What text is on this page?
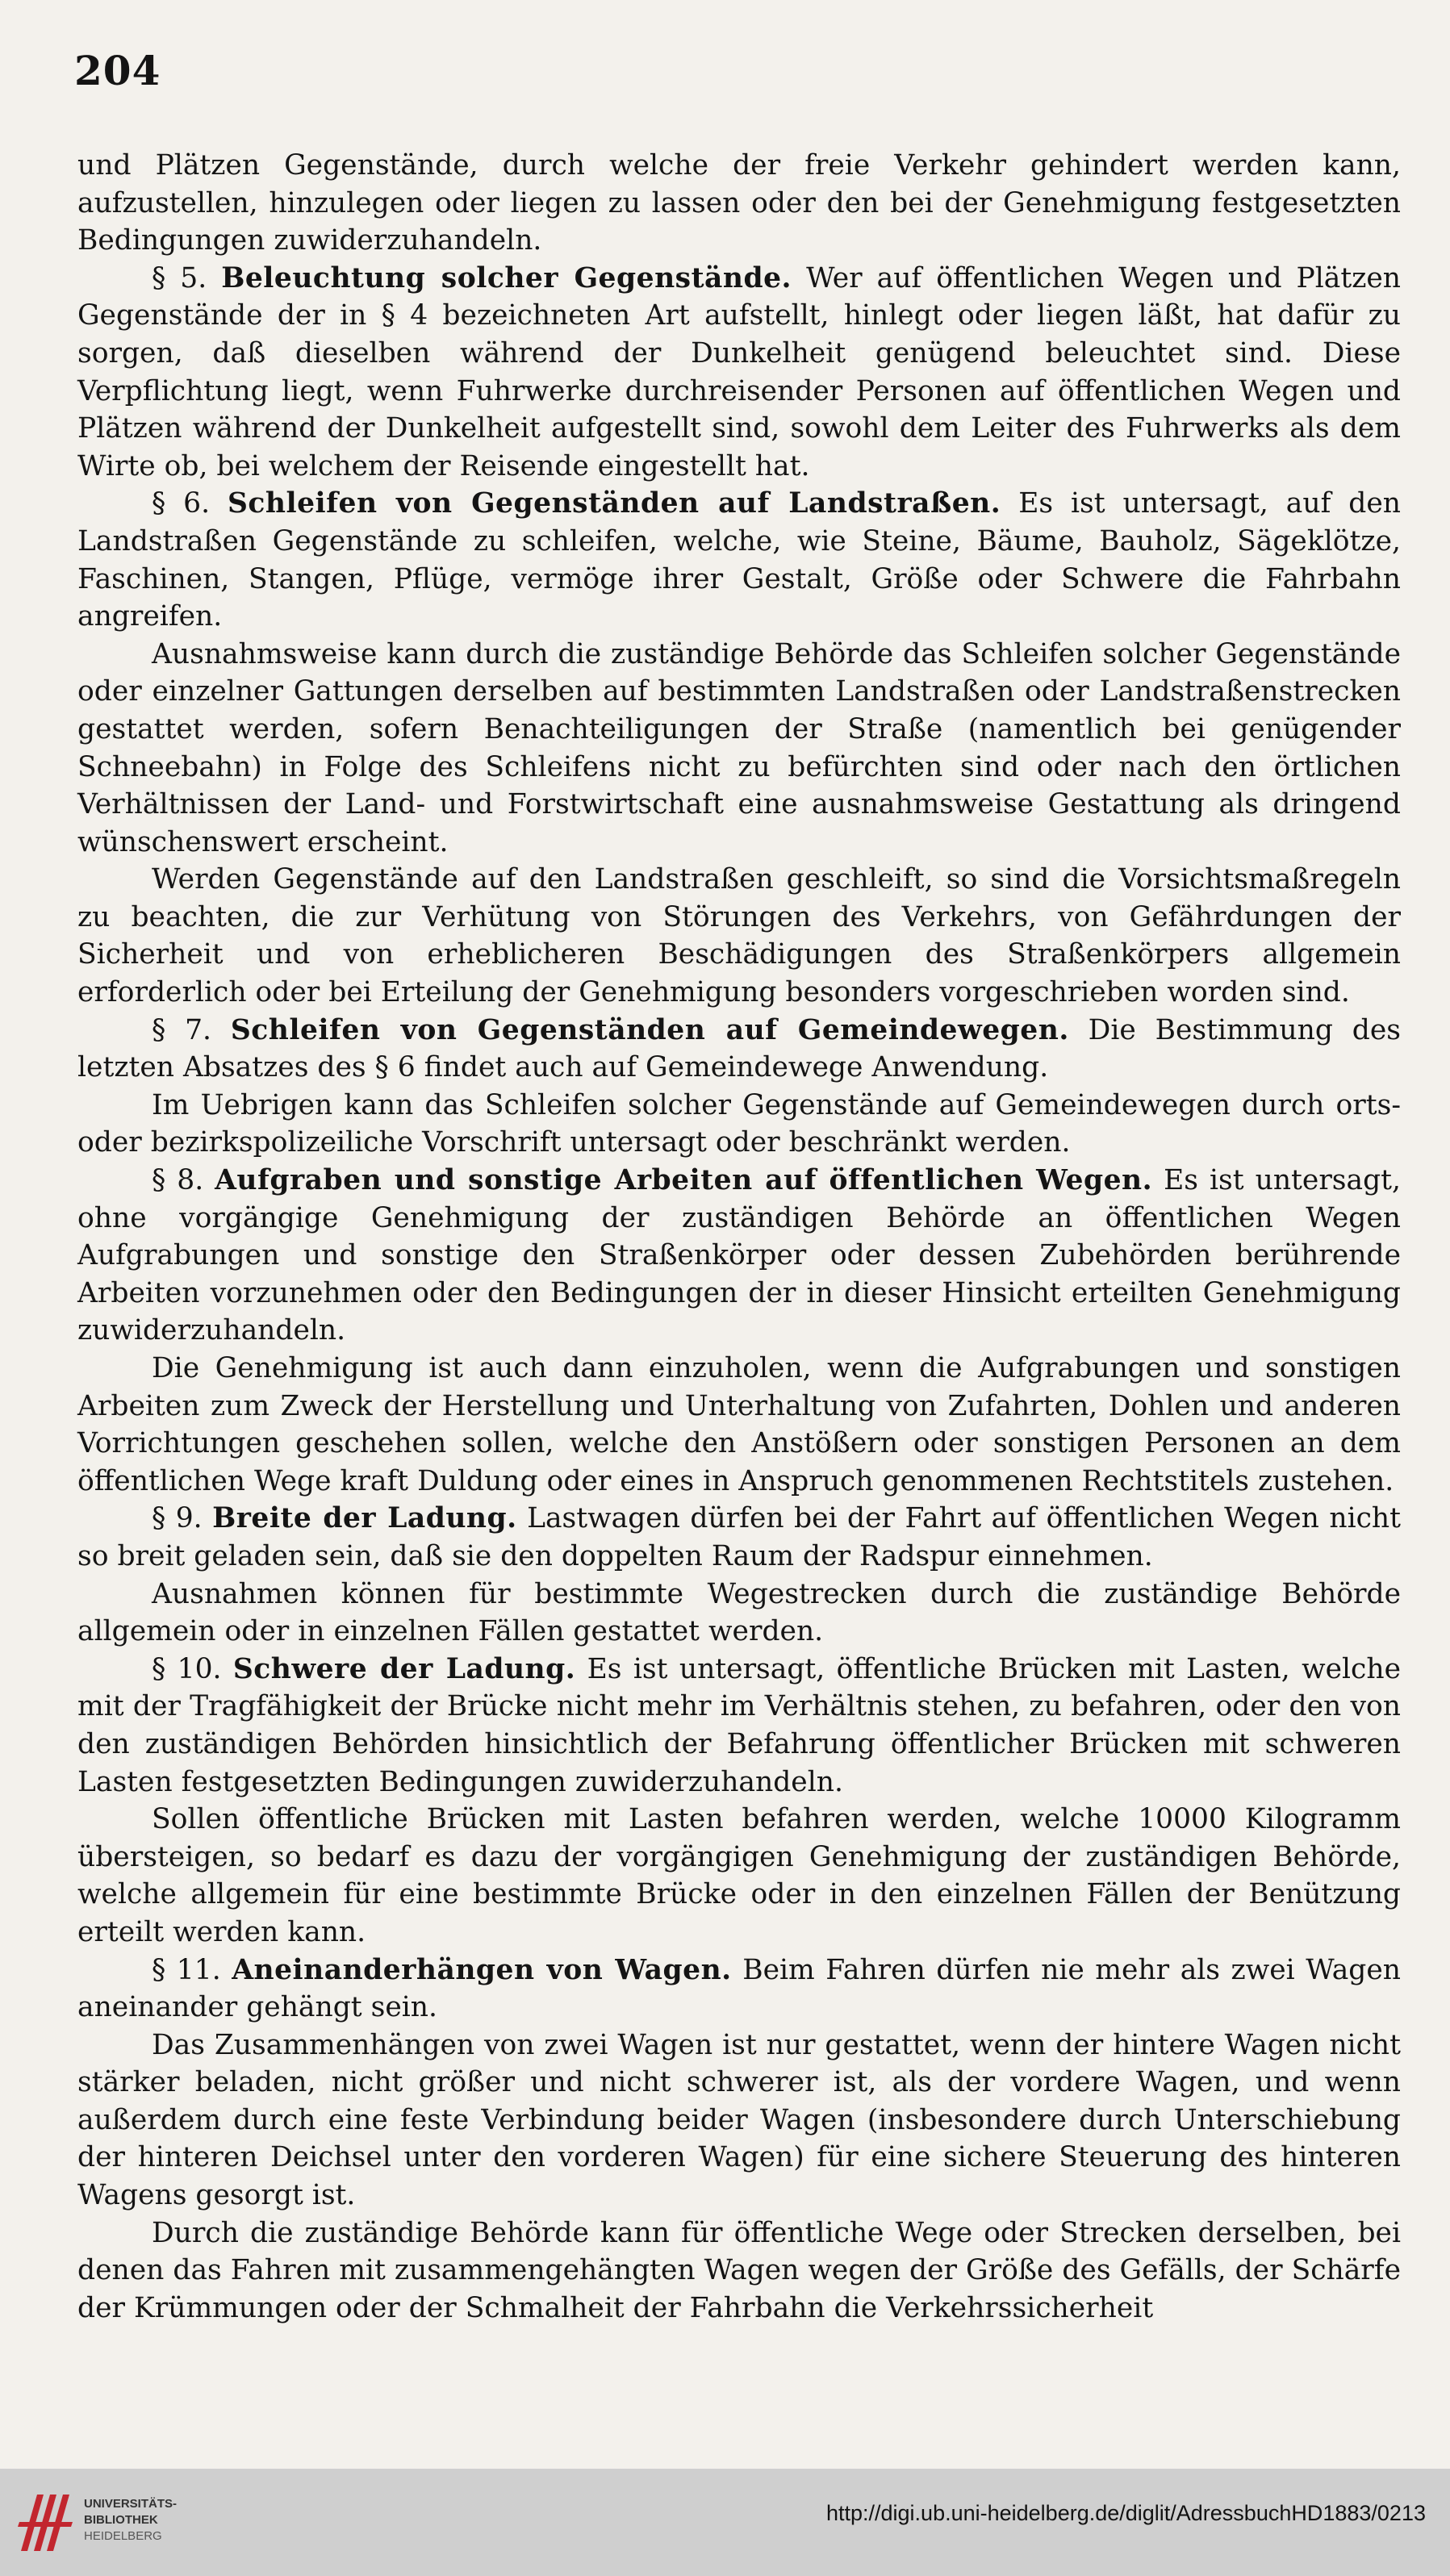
204

und Plätzen Gegenstände, durch welche der freie Verkehr gehindert werden kann, aufzustellen, hinzulegen oder liegen zu lassen oder den bei der Genehmigung festgesetzten Bedingungen zuwiderzuhandeln.

§ 5. Beleuchtung solcher Gegenstände. Wer auf öffentlichen Wegen und Plätzen Gegenstände der in § 4 bezeichneten Art aufstellt, hinlegt oder liegen läßt, hat dafür zu sorgen, daß dieselben während der Dunkelheit genügend beleuchtet sind. Diese Verpflichtung liegt, wenn Fuhrwerke durchreisender Personen auf öffentlichen Wegen und Plätzen während der Dunkelheit aufgestellt sind, sowohl dem Leiter des Fuhrwerks als dem Wirte ob, bei welchem der Reisende eingestellt hat.

§ 6. Schleifen von Gegenständen auf Landstraßen. Es ist untersagt, auf den Landstraßen Gegenstände zu schleifen, welche, wie Steine, Bäume, Bauholz, Sägeklötze, Faschinen, Stangen, Pflüge, vermöge ihrer Gestalt, Größe oder Schwere die Fahrbahn angreifen.

Ausnahmsweise kann durch die zuständige Behörde das Schleifen solcher Gegenstände oder einzelner Gattungen derselben auf bestimmten Landstraßen oder Landstraßenstrecken gestattet werden, sofern Benachteiligungen der Straße (namentlich bei genügender Schneebahn) in Folge des Schleifens nicht zu befürchten sind oder nach den örtlichen Verhältnissen der Land- und Forstwirtschaft eine ausnahmsweise Gestattung als dringend wünschenswert erscheint.

Werden Gegenstände auf den Landstraßen geschleift, so sind die Vorsichtsmaßregeln zu beachten, die zur Verhütung von Störungen des Verkehrs, von Gefährdungen der Sicherheit und von erheblicheren Beschädigungen des Straßenkörpers allgemein erforderlich oder bei Erteilung der Genehmigung besonders vorgeschrieben worden sind.

§ 7. Schleifen von Gegenständen auf Gemeindewegen. Die Bestimmung des letzten Absatzes des § 6 findet auch auf Gemeindewege Anwendung.

Im Uebrigen kann das Schleifen solcher Gegenstände auf Gemeindewegen durch orts- oder bezirkspolizeiliche Vorschrift untersagt oder beschränkt werden.

§ 8. Aufgraben und sonstige Arbeiten auf öffentlichen Wegen. Es ist untersagt, ohne vorgängige Genehmigung der zuständigen Behörde an öffentlichen Wegen Aufgrabungen und sonstige den Straßenkörper oder dessen Zubehörden berührende Arbeiten vorzunehmen oder den Bedingungen der in dieser Hinsicht erteilten Genehmigung zuwiderzuhandeln.

Die Genehmigung ist auch dann einzuholen, wenn die Aufgrabungen und sonstigen Arbeiten zum Zweck der Herstellung und Unterhaltung von Zufahrten, Dohlen und anderen Vorrichtungen geschehen sollen, welche den Anstößern oder sonstigen Personen an dem öffentlichen Wege kraft Duldung oder eines in Anspruch genommenen Rechtstitels zustehen.

§ 9. Breite der Ladung. Lastwagen dürfen bei der Fahrt auf öffentlichen Wegen nicht so breit geladen sein, daß sie den doppelten Raum der Radspur einnehmen.

Ausnahmen können für bestimmte Wegestrecken durch die zuständige Behörde allgemein oder in einzelnen Fällen gestattet werden.

§ 10. Schwere der Ladung. Es ist untersagt, öffentliche Brücken mit Lasten, welche mit der Tragfähigkeit der Brücke nicht mehr im Verhältnis stehen, zu befahren, oder den von den zuständigen Behörden hinsichtlich der Befahrung öffentlicher Brücken mit schweren Lasten festgesetzten Bedingungen zuwiderzuhandeln.

Sollen öffentliche Brücken mit Lasten befahren werden, welche 10000 Kilogramm übersteigen, so bedarf es dazu der vorgängigen Genehmigung der zuständigen Behörde, welche allgemein für eine bestimmte Brücke oder in den einzelnen Fällen der Benützung erteilt werden kann.

§ 11. Aneinanderhängen von Wagen. Beim Fahren dürfen nie mehr als zwei Wagen aneinander gehängt sein.

Das Zusammenhängen von zwei Wagen ist nur gestattet, wenn der hintere Wagen nicht stärker beladen, nicht größer und nicht schwerer ist, als der vordere Wagen, und wenn außerdem durch eine feste Verbindung beider Wagen (insbesondere durch Unterschiebung der hinteren Deichsel unter den vorderen Wagen) für eine sichere Steuerung des hinteren Wagens gesorgt ist.

Durch die zuständige Behörde kann für öffentliche Wege oder Strecken derselben, bei denen das Fahren mit zusammengehängten Wagen wegen der Größe des Gefälls, der Schärfe der Krümmungen oder der Schmalheit der Fahrbahn die Verkehrssicherheit

UNIVERSITÄTS-
BIBLIOTHEK
HEIDELBERG
http://digi.ub.uni-heidelberg.de/diglit/AdressbuchHD1883/0213
